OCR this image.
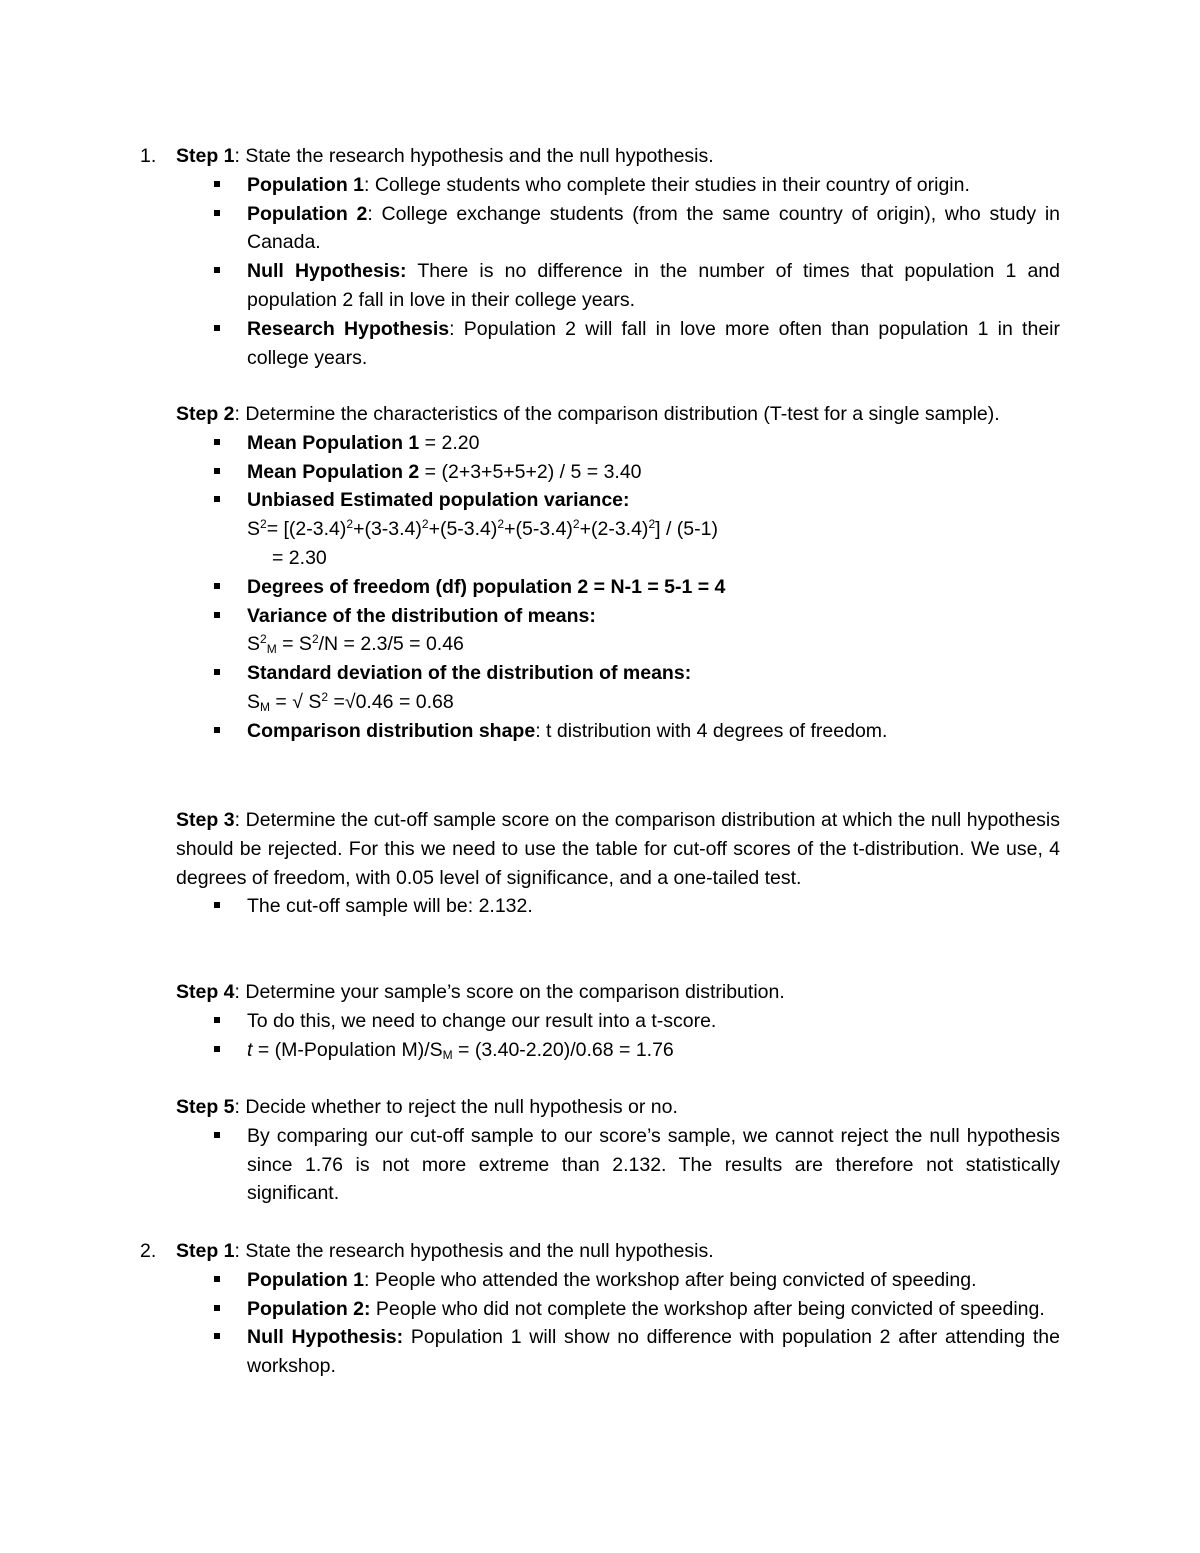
1.	Step 1: State the research hypothesis and the null hypothesis.
Population 1: College students who complete their studies in their country of origin.
Population 2: College exchange students (from the same country of origin), who study in Canada.
Null Hypothesis: There is no difference in the number of times that population 1 and population 2 fall in love in their college years.
Research Hypothesis: Population 2 will fall in love more often than population 1 in their college years.
Step 2: Determine the characteristics of the comparison distribution (T-test for a single sample).
Mean Population 1 = 2.20
Mean Population 2 = (2+3+5+5+2) / 5 = 3.40
Unbiased Estimated population variance:
$S^2= [(2-3.4)^2+(3-3.4)^2+(5-3.4)^2+(5-3.4)^2+(2-3.4)^2] / (5-1)$
= 2.30
Degrees of freedom (df) population 2 = N-1 = 5-1 = 4
Variance of the distribution of means:
$S^2_M = S^2/N = 2.3/5 = 0.46$
Standard deviation of the distribution of means:
$S_M$ = √ $S^2 =√0.46 = 0.68$
Comparison distribution shape: t distribution with 4 degrees of freedom.
Step 3: Determine the cut-off sample score on the comparison distribution at which the null hypothesis should be rejected. For this we need to use the table for cut-off scores of the t-distribution. We use, 4 degrees of freedom, with 0.05 level of significance, and a one-tailed test.
The cut-off sample will be: 2.132.
Step 4: Determine your sample’s score on the comparison distribution.
To do this, we need to change our result into a t-score.
t = (M-Population $M)/S_M = (3.40-2.20)/0.68 = 1.76$
Step 5: Decide whether to reject the null hypothesis or no.
By comparing our cut-off sample to our score’s sample, we cannot reject the null hypothesis since 1.76 is not more extreme than 2.132. The results are therefore not statistically significant.
2.	Step 1: State the research hypothesis and the null hypothesis.
Population 1: People who attended the workshop after being convicted of speeding.
Population 2: People who did not complete the workshop after being convicted of speeding.
Null Hypothesis: Population 1 will show no difference with population 2 after attending the workshop.
